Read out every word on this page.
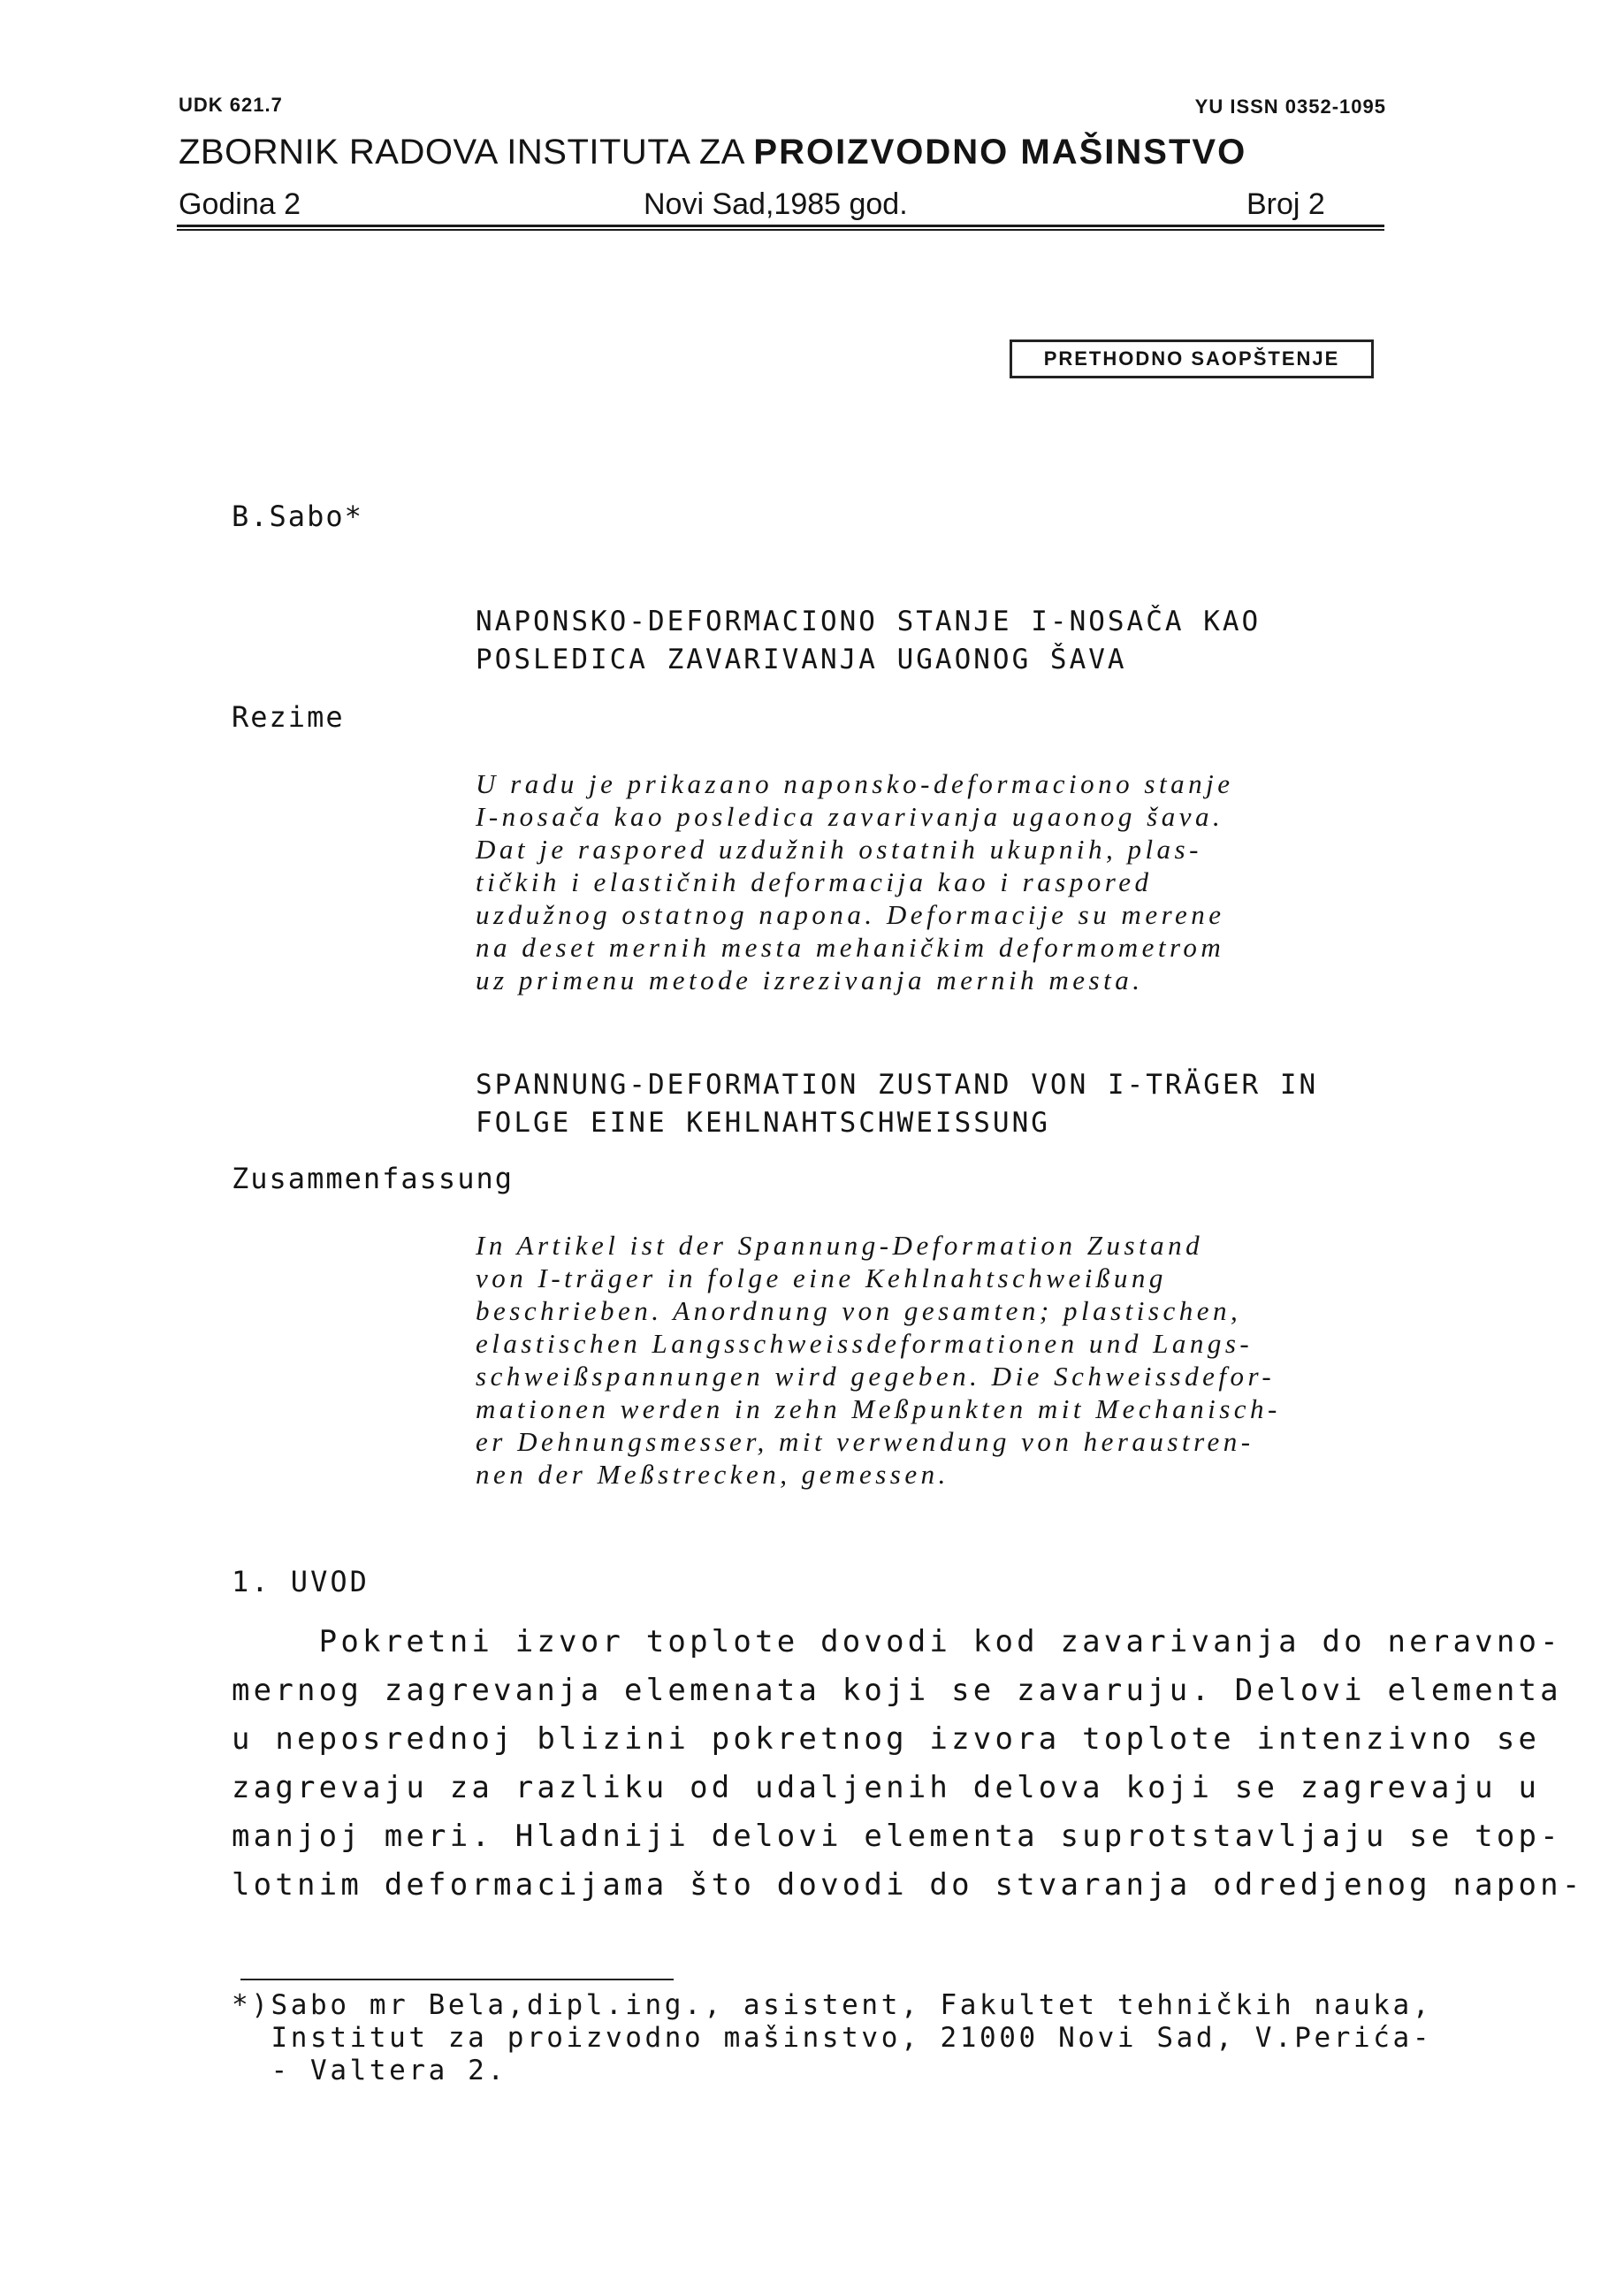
UDK 621.7	YU ISSN 0352-1095
ZBORNIK RADOVA INSTITUTA ZA PROIZVODNO MAŠINSTVO
Godina 2	Novi Sad,1985 god.	Broj 2
PRETHODNO SAOPŠTENJE
B.Sabo*
NAPONSKO-DEFORMACIONO STANJE I-NOSAČA KAO
POSLEDICA ZAVARIVANJA UGAONOG ŠAVA
Rezime
U radu je prikazano naponsko-deformaciono stanje
I-nosača kao posledica zavarivanja ugaonog šava.
Dat je raspored uzdužnih ostatnih ukupnih, plas-
tičkih i elastičnih deformacija kao i raspored
uzdužnog ostatnog napona. Deformacije su merene
na deset mernih mesta mehaničkim deformometrom
uz primenu metode izrezivanja mernih mesta.
SPANNUNG-DEFORMATION ZUSTAND VON I-TRÄGER IN
FOLGE EINE KEHLNAHTSCHWEISSUNG
Zusammenfassung
In Artikel ist der Spannung-Deformation Zustand
von I-träger in folge eine Kehlnahtschweißung
beschrieben. Anordnung von gesamten; plastischen,
elastischen Langsschweissdeformationen und Langs-
schweißspannungen wird gegeben. Die Schweissdefor-
mationen werden in zehn Meßpunkten mit Mechanisch-
er Dehnungsmesser, mit verwendung von heraustren-
nen der Meßstrecken, gemessen.
1. UVOD
Pokretni izvor toplote dovodi kod zavarivanja do neravno-
mernog zagrevanja elemenata koji se zavaruju. Delovi elementa
u neposrednoj blizini pokretnog izvora toplote intenzivno se
zagrevaju za razliku od udaljenih delova koji se zagrevaju u
manjoj meri. Hladniji delovi elementa suprotstavljaju se top-
lotnim deformacijama što dovodi do stvaranja odredjenog napon-
*)Sabo mr Bela,dipl.ing., asistent, Fakultet tehničkih nauka,
Institut za proizvodno mašinstvo, 21000 Novi Sad, V.Perića-
- Valtera 2.
